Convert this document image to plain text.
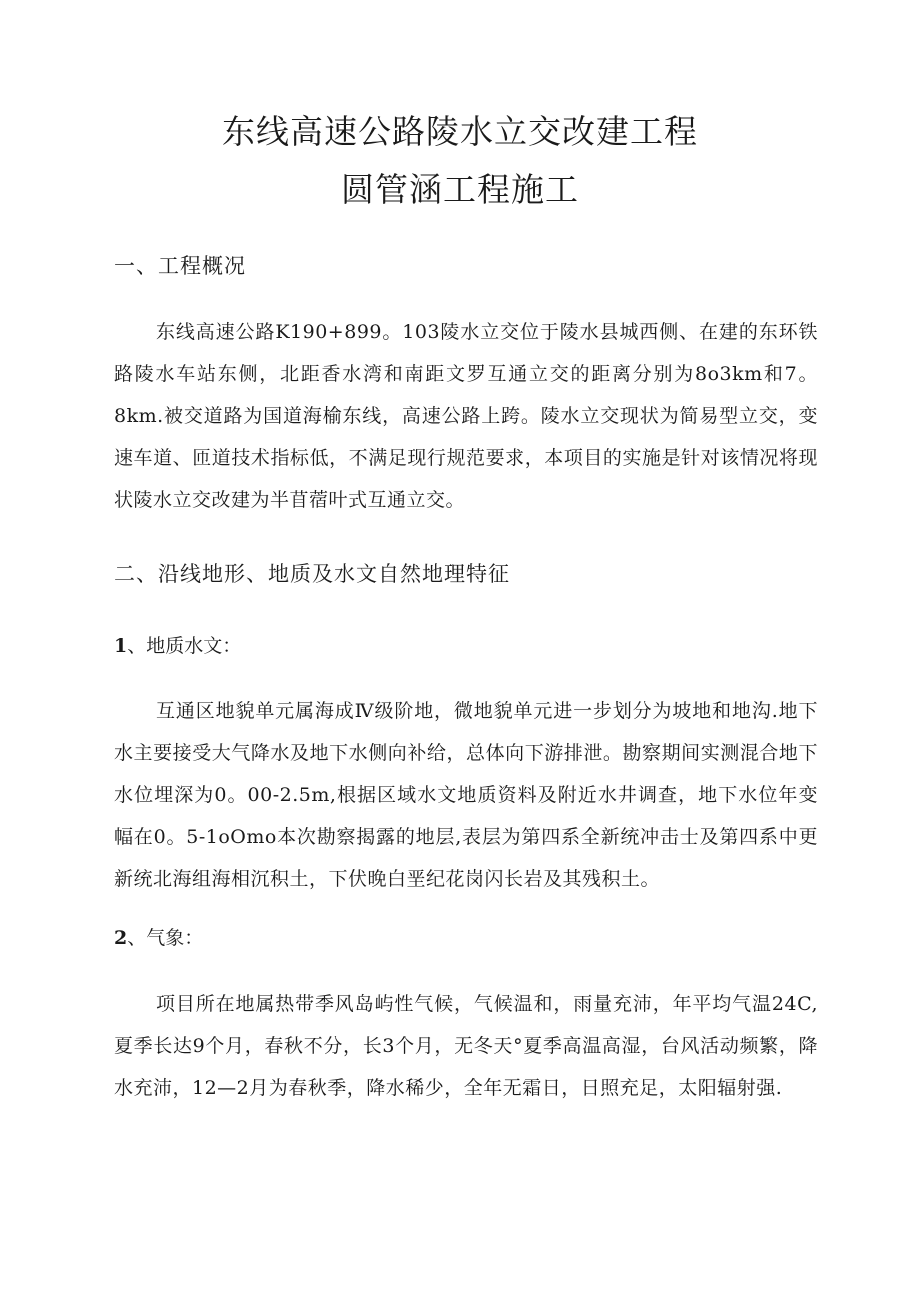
东线高速公路陵水立交改建工程
圆管涵工程施工
一、工程概况

东线高速公路K190+899。103陵水立交位于陵水县城西侧、在建的东环铁路陵水车站东侧，北距香水湾和南距文罗互通立交的距离分别为8o3km和7。8km.被交道路为国道海榆东线，高速公路上跨。陵水立交现状为简易型立交，变速车道、匝道技术指标低，不满足现行规范要求，本项目的实施是针对该情况将现状陵水立交改建为半苜蓿叶式互通立交。

二、沿线地形、地质及水文自然地理特征
1、地质水文：

互通区地貌单元属海成Ⅳ级阶地，微地貌单元进一步划分为坡地和地沟.地下水主要接受大气降水及地下水侧向补给，总体向下游排泄。勘察期间实测混合地下水位埋深为0。00-2.5m,根据区域水文地质资料及附近水井调查，地下水位年变幅在0。5-1oOmo本次勘察揭露的地层,表层为第四系全新统冲击士及第四系中更新统北海组海相沉积土，下伏晚白垩纪花岗闪长岩及其残积土。

2、气象：

项目所在地属热带季风岛屿性气候，气候温和，雨量充沛，年平均气温24C,夏季长达9个月，春秋不分，长3个月，无冬天°夏季高温高湿，台风活动频繁，降水充沛，12—2月为春秋季，降水稀少，全年无霜日，日照充足，太阳辐射强.
